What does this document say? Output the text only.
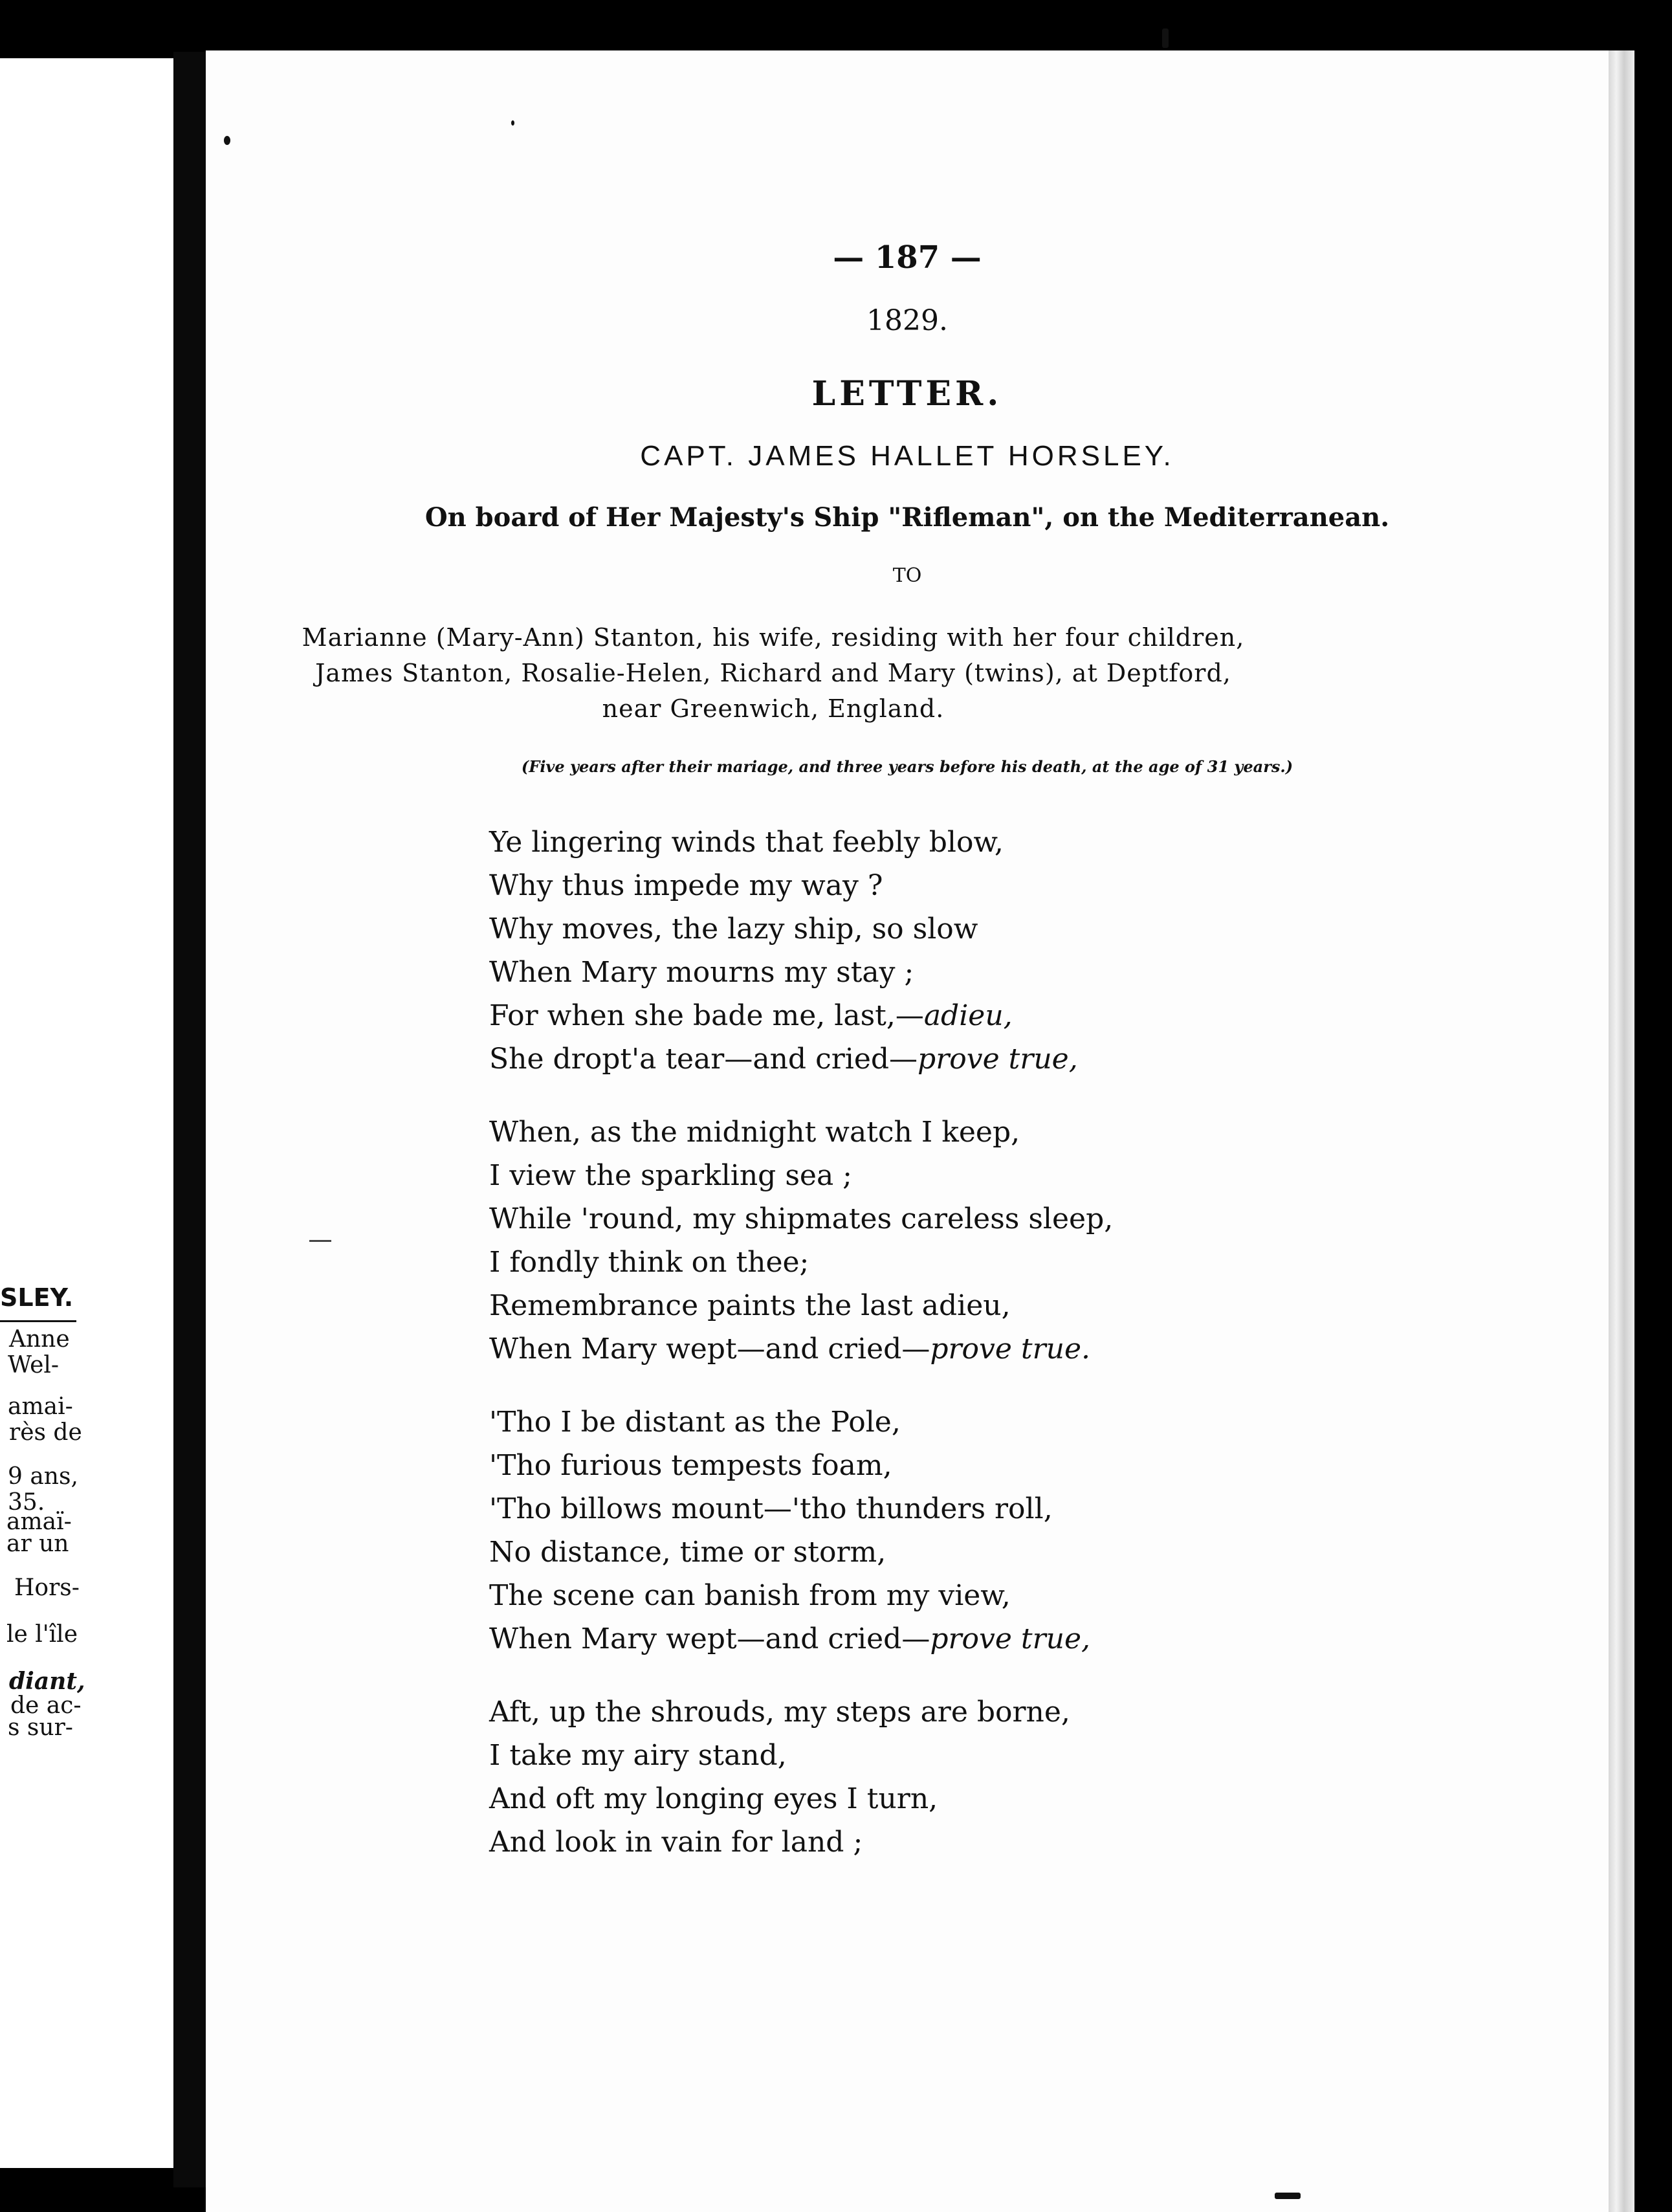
SLEY.
Anne
Wel-
amai-
rès de
9 ans,
35.
amaï-
ar un
Hors-
le l'île
diant,
de ac-
s sur-
— 187 —
1829.
LETTER.
CAPT. JAMES HALLET HORSLEY.
On board of Her Majesty's Ship "Rifleman", on the Mediterranean.
TO
Marianne (Mary-Ann) Stanton, his wife, residing with her four children, James Stanton, Rosalie-Helen, Richard and Mary (twins), at Deptford, near Greenwich, England.
(Five years after their mariage, and three years before his death, at the age of 31 years.)
Ye lingering winds that feebly blow,
Why thus impede my way ?
Why moves, the lazy ship, so slow
When Mary mourns my stay ;
For when she bade me, last,—adieu,
She dropt'a tear—and cried—prove true,
When, as the midnight watch I keep,
I view the sparkling sea ;
While 'round, my shipmates careless sleep,
I fondly think on thee;
Remembrance paints the last adieu,
When Mary wept—and cried—prove true.
'Tho I be distant as the Pole,
'Tho furious tempests foam,
'Tho billows mount—'tho thunders roll,
No distance, time or storm,
The scene can banish from my view,
When Mary wept—and cried—prove true,
Aft, up the shrouds, my steps are borne,
I take my airy stand,
And oft my longing eyes I turn,
And look in vain for land ;
